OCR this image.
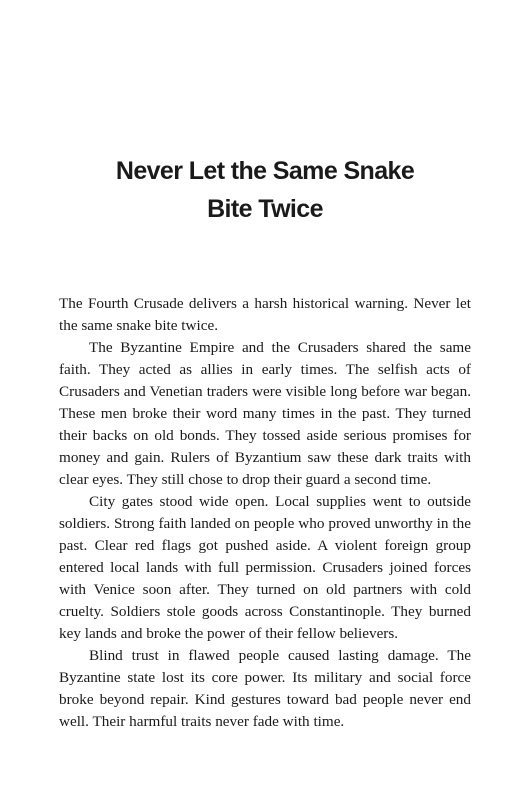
Never Let the Same Snake
Bite Twice

The Fourth Crusade delivers a harsh historical warning. Never let the same snake bite twice.

The Byzantine Empire and the Crusaders shared the same faith. They acted as allies in early times. The selfish acts of Crusaders and Venetian traders were visible long before war began. These men broke their word many times in the past. They turned their backs on old bonds. They tossed aside serious promises for money and gain. Rulers of Byzantium saw these dark traits with clear eyes. They still chose to drop their guard a second time.

City gates stood wide open. Local supplies went to outside soldiers. Strong faith landed on people who proved unworthy in the past. Clear red flags got pushed aside. A violent foreign group entered local lands with full permission. Crusaders joined forces with Venice soon after. They turned on old partners with cold cruelty. Soldiers stole goods across Constantinople. They burned key lands and broke the power of their fellow believers.

Blind trust in flawed people caused lasting damage. The Byzantine state lost its core power. Its military and social force broke beyond repair. Kind gestures toward bad people never end well. Their harmful traits never fade with time.
